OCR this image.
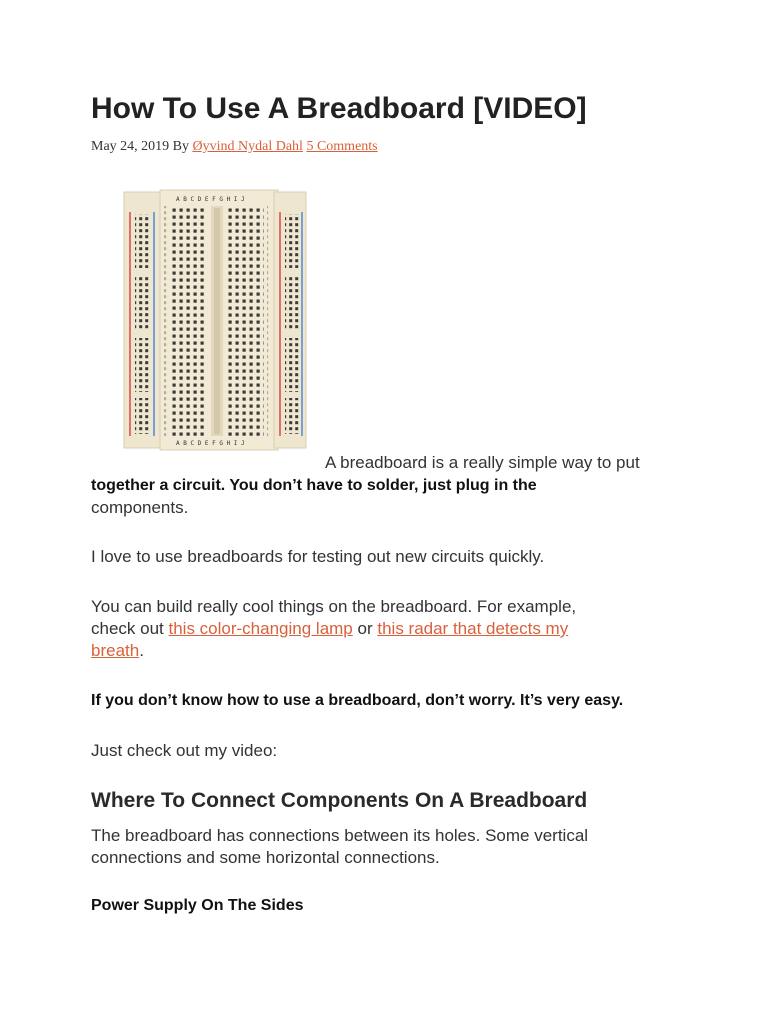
How To Use A Breadboard [VIDEO]
May 24, 2019 By Øyvind Nydal Dahl 5 Comments
A B C D E F G H I J
A B C D E F G H I J

A breadboard is a really simple way to put

together a circuit. You don’t have to solder, just plug in the

components.

I love to use breadboards for testing out new circuits quickly.

You can build really cool things on the breadboard. For example,
check out this color-changing lamp or this radar that detects my
breath.

If you don’t know how to use a breadboard, don’t worry. It’s very easy.

Just check out my video:

Where To Connect Components On A Breadboard

The breadboard has connections between its holes. Some vertical
connections and some horizontal connections.

Power Supply On The Sides
